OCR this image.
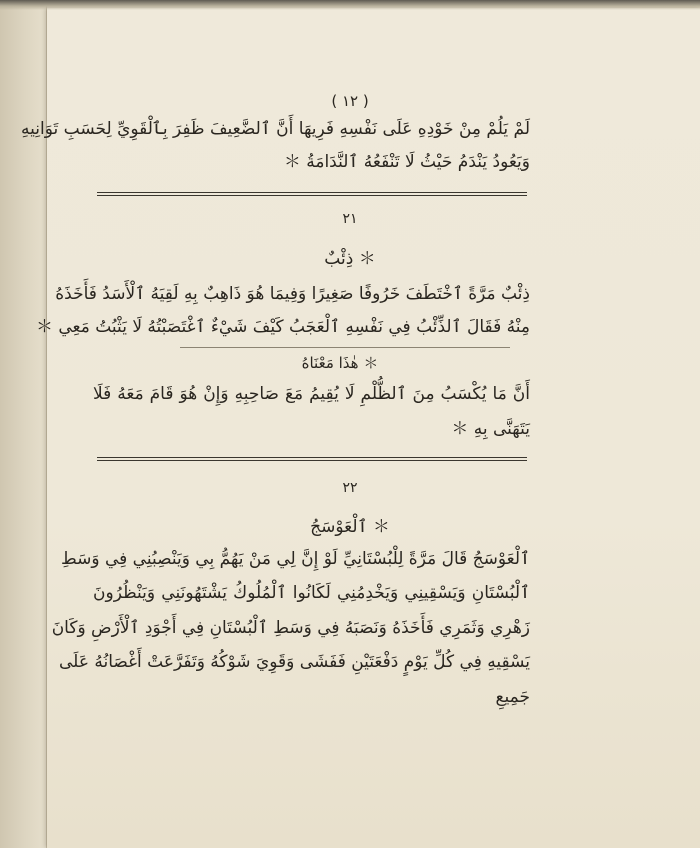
( ١٢ )
لَمْ يَلُمْ مِنْ خَوْدِهِ عَلَى نَفْسِهِ فَرِيهَا أَنَّ ٱلضَّعِيفَ ظَفِرَ بِٱلْقَوِيِّ لِحَسَبِ تَوَانِيهِ
وَيَعُودُ يَنْدَمُ حَيْثُ لَا تَنْفَعُهُ ٱلنَّدَامَةُ ＊
٢١
ذِئْبٌ ＊
ذِئْبٌ مَرَّةً ٱخْتَطَفَ خَرُوفًا صَغِيرًا وَفِيمَا هُوَ ذَاهِبٌ بِهِ لَقِيَهُ ٱلْأَسَدُ فَأَخَذَهُ
مِنْهُ فَقَالَ ٱلذِّئْبُ فِي نَفْسِهِ ٱلْعَجَبُ كَيْفَ شَيْءٌ ٱغْتَصَبْتُهُ لَا يَثْبُتُ مَعِي ＊
هٰذَا مَعْنَاهُ ＊
أَنَّ مَا يُكْسَبُ مِنَ ٱلظُّلْمِ لَا يُقِيمُ مَعَ صَاحِبِهِ وَإِنْ هُوَ قَامَ مَعَهُ فَلَا
يَتَهَنَّى بِهِ ＊
٢٢
ٱلْعَوْسَجُ ＊
ٱلْعَوْسَجُ قَالَ مَرَّةً لِلْبُسْتَانِيِّ لَوْ إِنَّ لِي مَنْ يَهُمُّ بِي وَيَنْصِبُنِي فِي وَسَطِ
ٱلْبُسْتَانِ وَيَسْقِينِي وَيَخْدِمُنِي لَكَانُوا ٱلْمُلُوكُ يَشْتَهُونَنِي وَيَنْظُرُونَ
زَهْرِي وَثَمَرِي فَأَخَذَهُ وَنَصَبَهُ فِي وَسَطِ ٱلْبُسْتَانِ فِي أَجْوَدِ ٱلْأَرْضِ وَكَانَ
يَسْقِيهِ فِي كُلِّ يَوْمٍ دَفْعَتَيْنِ فَفَشَى وَقَوِيَ شَوْكُهُ وَتَفَرَّعَتْ أَغْصَانُهُ عَلَى
جَمِيعِ
